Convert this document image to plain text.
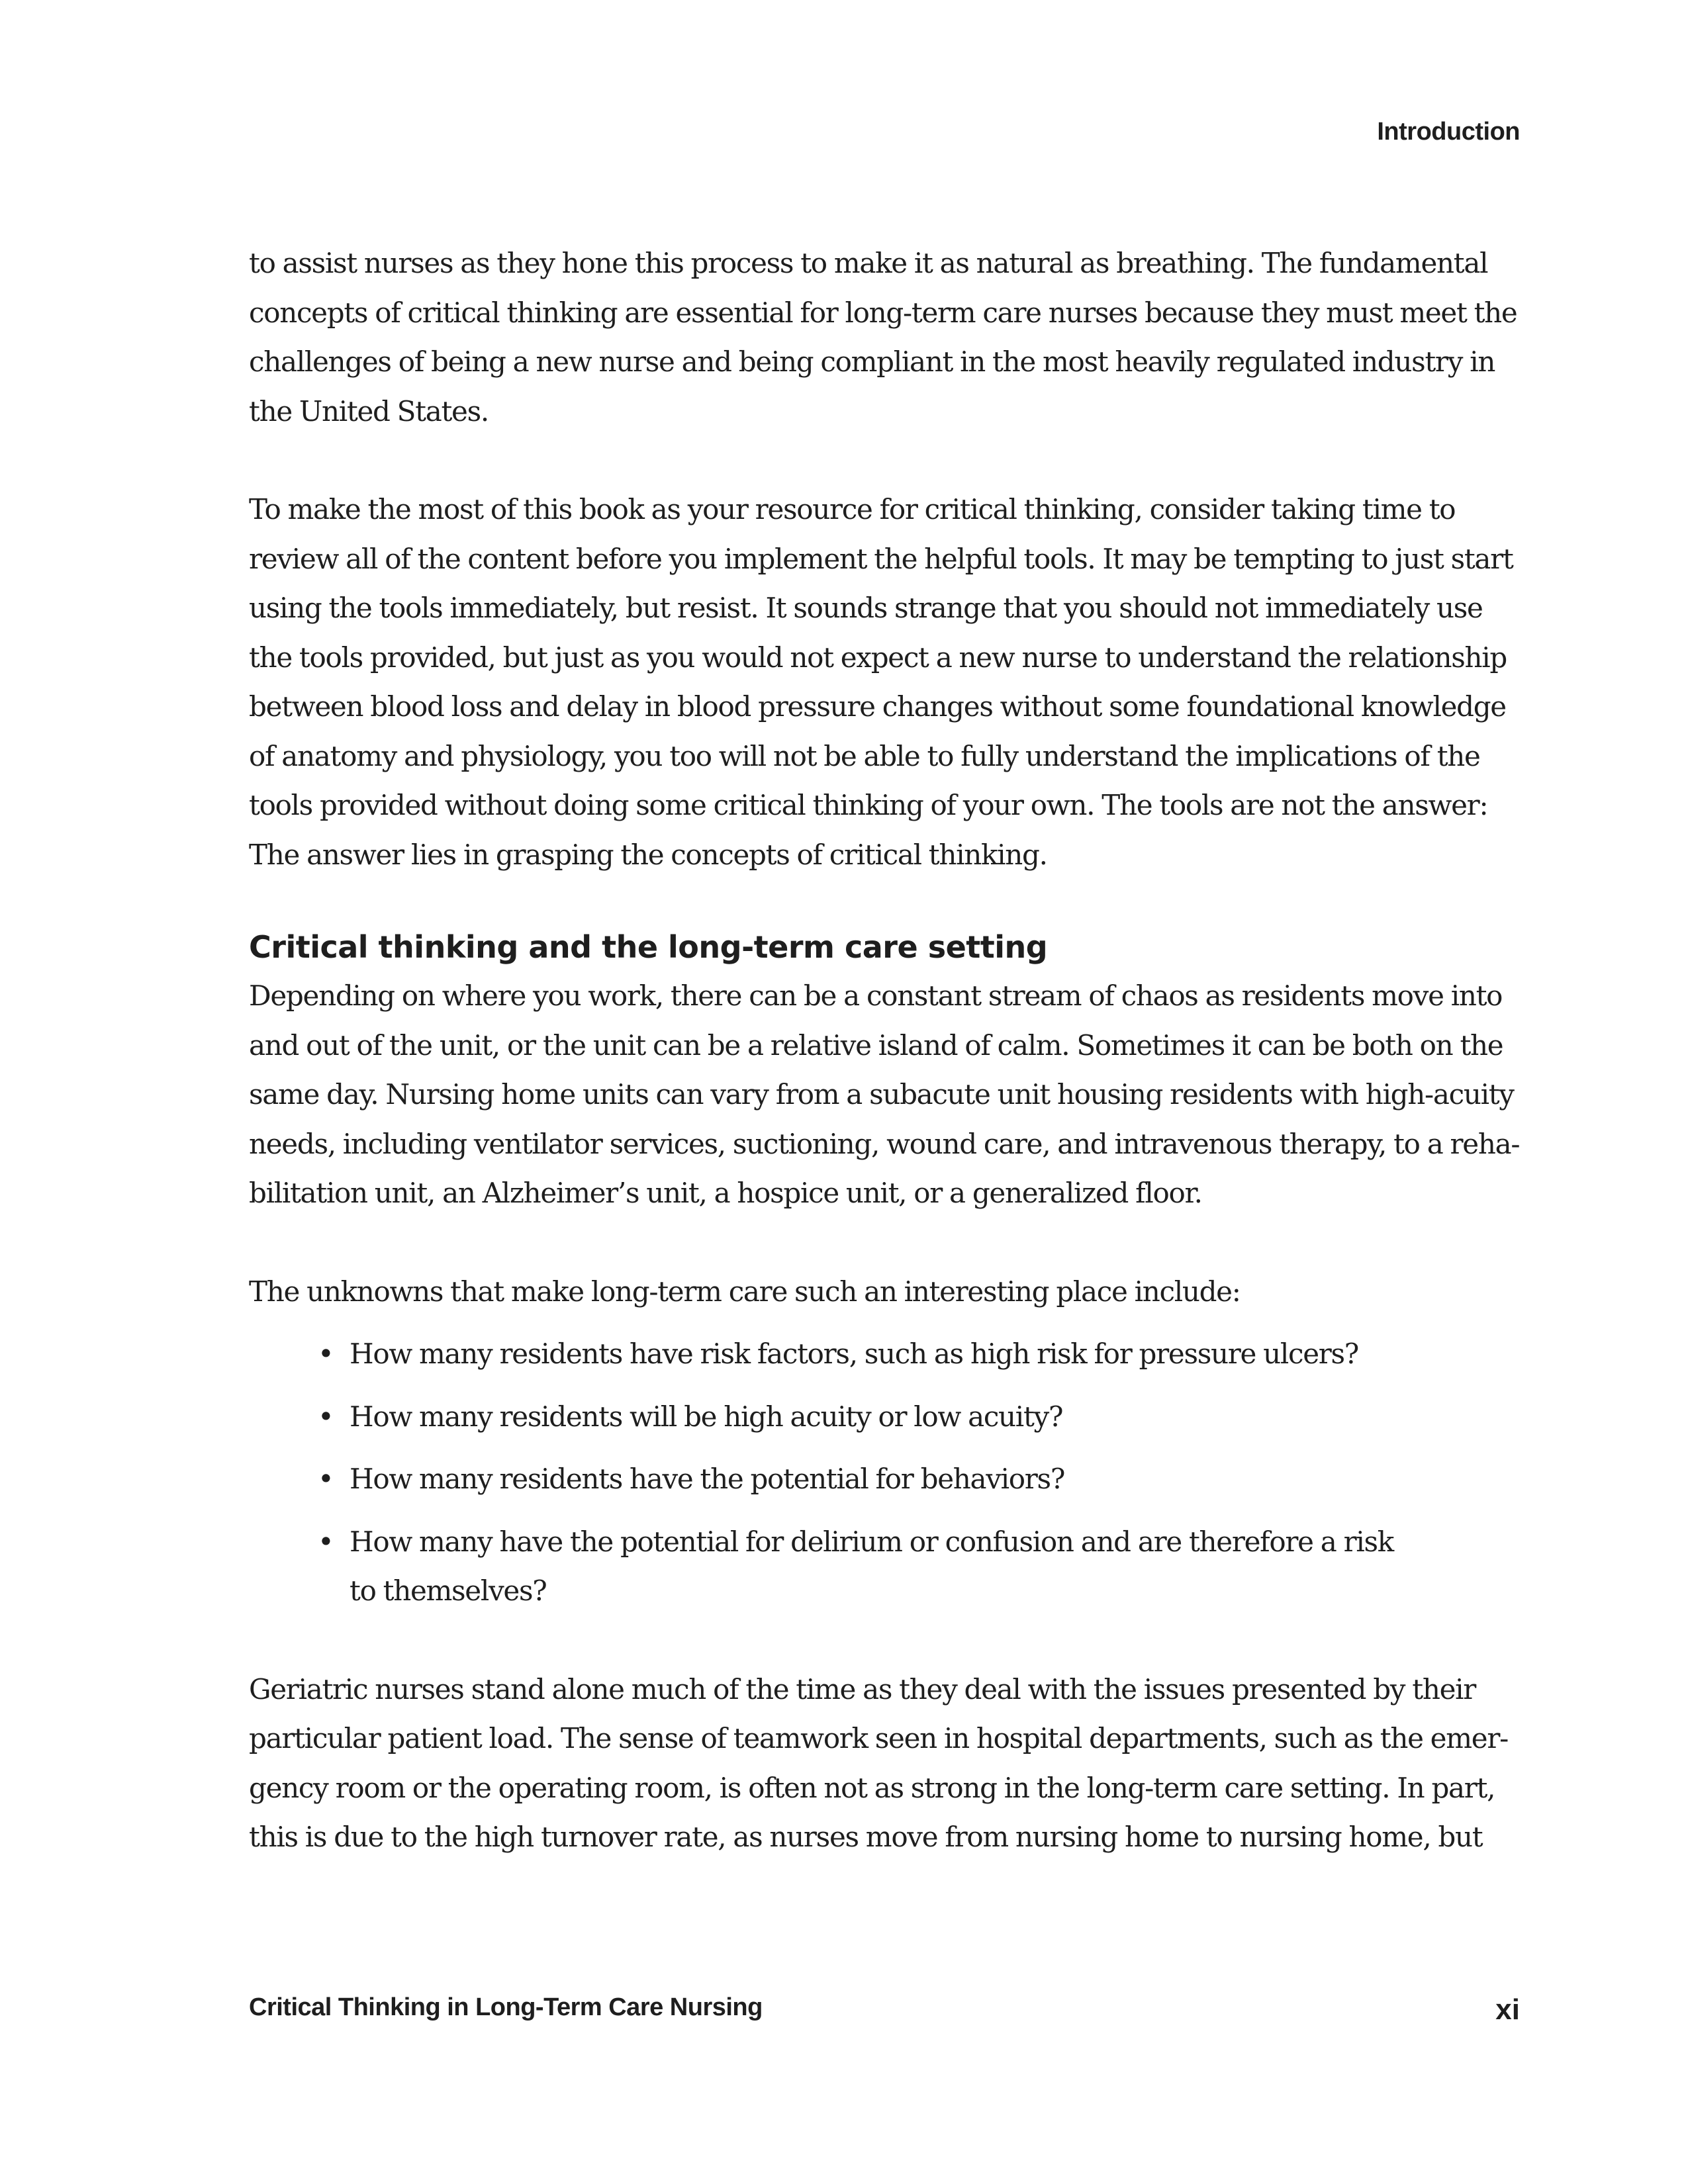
Introduction

to assist nurses as they hone this process to make it as natural as breathing. The fundamental
concepts of critical thinking are essential for long-term care nurses because they must meet the
challenges of being a new nurse and being compliant in the most heavily regulated industry in
the United States.

To make the most of this book as your resource for critical thinking, consider taking time to
review all of the content before you implement the helpful tools. It may be tempting to just start
using the tools immediately, but resist. It sounds strange that you should not immediately use
the tools provided, but just as you would not expect a new nurse to understand the relationship
between blood loss and delay in blood pressure changes without some foundational knowledge
of anatomy and physiology, you too will not be able to fully understand the implications of the
tools provided without doing some critical thinking of your own. The tools are not the answer:
The answer lies in grasping the concepts of critical thinking.

Critical thinking and the long-term care setting

Depending on where you work, there can be a constant stream of chaos as residents move into
and out of the unit, or the unit can be a relative island of calm. Sometimes it can be both on the
same day. Nursing home units can vary from a subacute unit housing residents with high-acuity
needs, including ventilator services, suctioning, wound care, and intravenous therapy, to a reha-
bilitation unit, an Alzheimer’s unit, a hospice unit, or a generalized floor.

The unknowns that make long-term care such an interesting place include:

• How many residents have risk factors, such as high risk for pressure ulcers?
• How many residents will be high acuity or low acuity?
• How many residents have the potential for behaviors?
• How many have the potential for delirium or confusion and are therefore a risk
to themselves?

Geriatric nurses stand alone much of the time as they deal with the issues presented by their
particular patient load. The sense of teamwork seen in hospital departments, such as the emer-
gency room or the operating room, is often not as strong in the long-term care setting. In part,
this is due to the high turnover rate, as nurses move from nursing home to nursing home, but

Critical Thinking in Long-Term Care Nursing	xi
